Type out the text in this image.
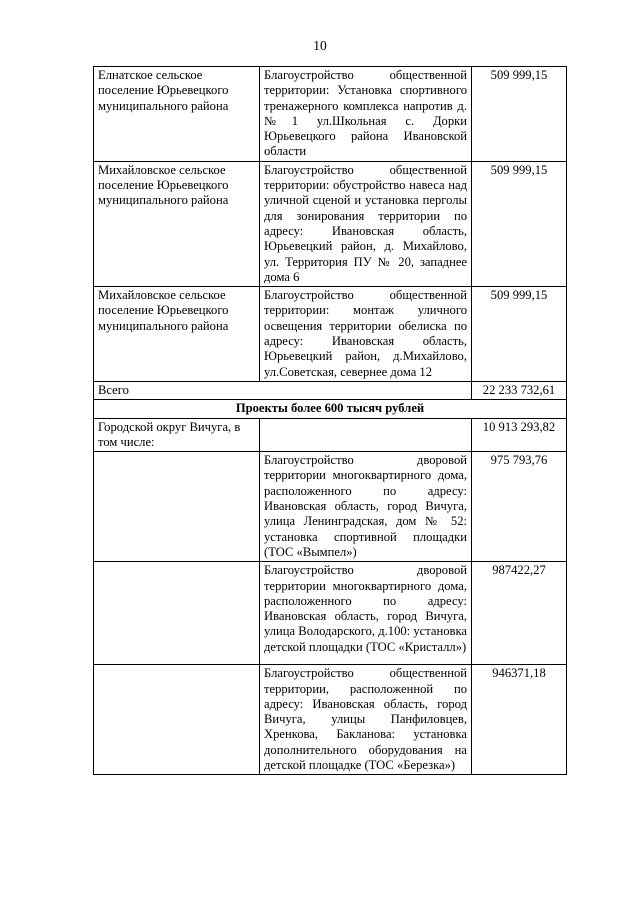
10
Елнатское сельское поселение Юрьевецкого муниципального района	Благоустройство общественной территории: Установка спортивного тренажерного комплекса напротив д.№1 ул.Школьная с. Дорки Юрьевецкого района Ивановской области	509 999,15
Михайловское сельское поселение Юрьевецкого муниципального района	Благоустройство общественной территории: обустройство навеса над уличной сценой и установка перголы для зонирования территории по адресу: Ивановская область, Юрьевецкий район, д. Михайлово, ул. Территория ПУ № 20, западнее дома 6	509 999,15
Михайловское сельское поселение Юрьевецкого муниципального района	Благоустройство общественной территории: монтаж уличного освещения территории обелиска по адресу: Ивановская область, Юрьевецкий район, д.Михайлово, ул.Советская, севернее дома 12	509 999,15
Всего		22 233 732,61
Проекты более 600 тысяч рублей		
Городской округ Вичуга, в том числе:		10 913 293,82
	Благоустройство дворовой территории многоквартирного дома, расположенного по адресу: Ивановская область, город Вичуга, улица Ленинградская, дом № 52: установка спортивной площадки (ТОС «Вымпел»)	975 793,76
	Благоустройство дворовой территории многоквартирного дома, расположенного по адресу: Ивановская область, город Вичуга, улица Володарского, д.100: установка детской площадки (ТОС «Кристалл»)	987422,27
	Благоустройство общественной территории, расположенной по адресу: Ивановская область, город Вичуга, улицы Панфиловцев, Хренкова, Бакланова: установка дополнительного оборудования на детской площадке (ТОС «Березка»)	946371,18
